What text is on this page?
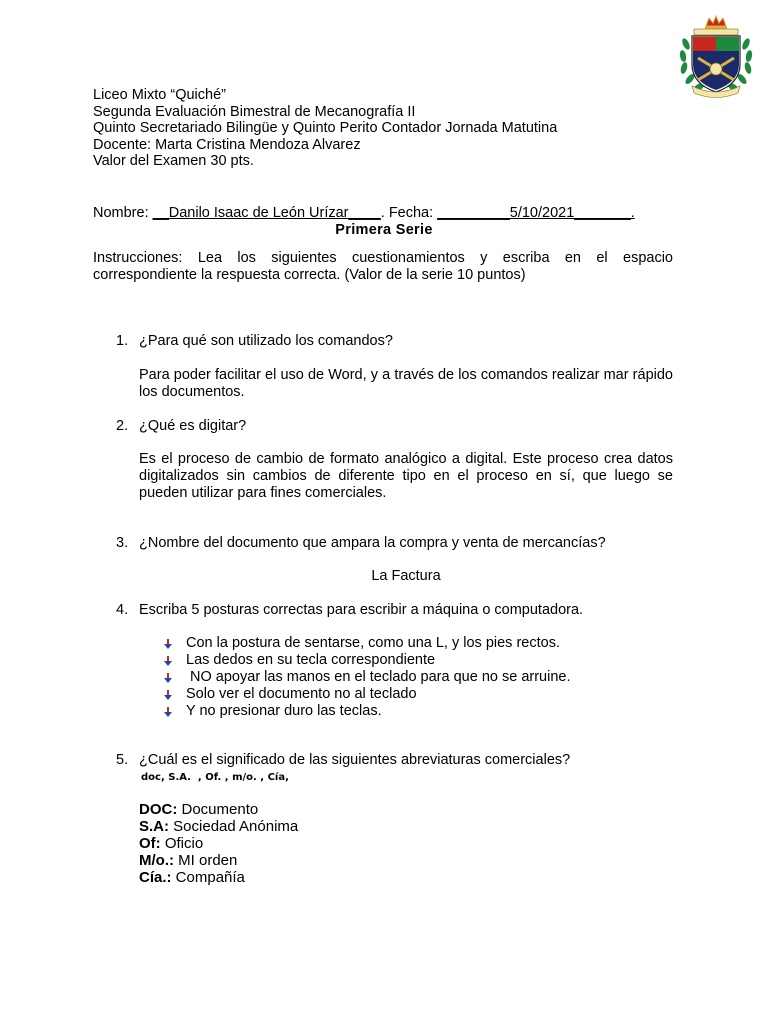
Liceo Mixto “Quiché”
Segunda Evaluación Bimestral de Mecanografía II
Quinto Secretariado Bilingüe y Quinto Perito Contador Jornada Matutina
Docente: Marta Cristina Mendoza Alvarez
Valor del Examen 30 pts.
Nombre: __Danilo Isaac de León Urízar____. Fecha: _________5/10/2021_______.
Primera Serie
Instrucciones: Lea los siguientes cuestionamientos y escriba en el espacio correspondiente la respuesta correcta. (Valor de la serie 10 puntos)
1. ¿Para qué son utilizado los comandos?
Para poder facilitar el uso de Word, y a través de los comandos realizar mar rápido los documentos.
2. ¿Qué es digitar?
Es el proceso de cambio de formato analógico a digital. Este proceso crea datos digitalizados sin cambios de diferente tipo en el proceso en sí, que luego se pueden utilizar para fines comerciales.
3. ¿Nombre del documento que ampara la compra y venta de mercancías?
La Factura
4. Escriba 5 posturas correctas para escribir a máquina o computadora.
Con la postura de sentarse, como una L, y los pies rectos.
Las dedos en su tecla correspondiente
NO apoyar las manos en el teclado para que no se arruine.
Solo ver el documento no al teclado
Y no presionar duro las teclas.
5. ¿Cuál es el significado de las siguientes abreviaturas comerciales?
doc, S.A.  , Of. , m/o. , Cía,
DOC: Documento
S.A: Sociedad Anónima
Of: Oficio
M/o.: MI orden
Cía.: Compañía
